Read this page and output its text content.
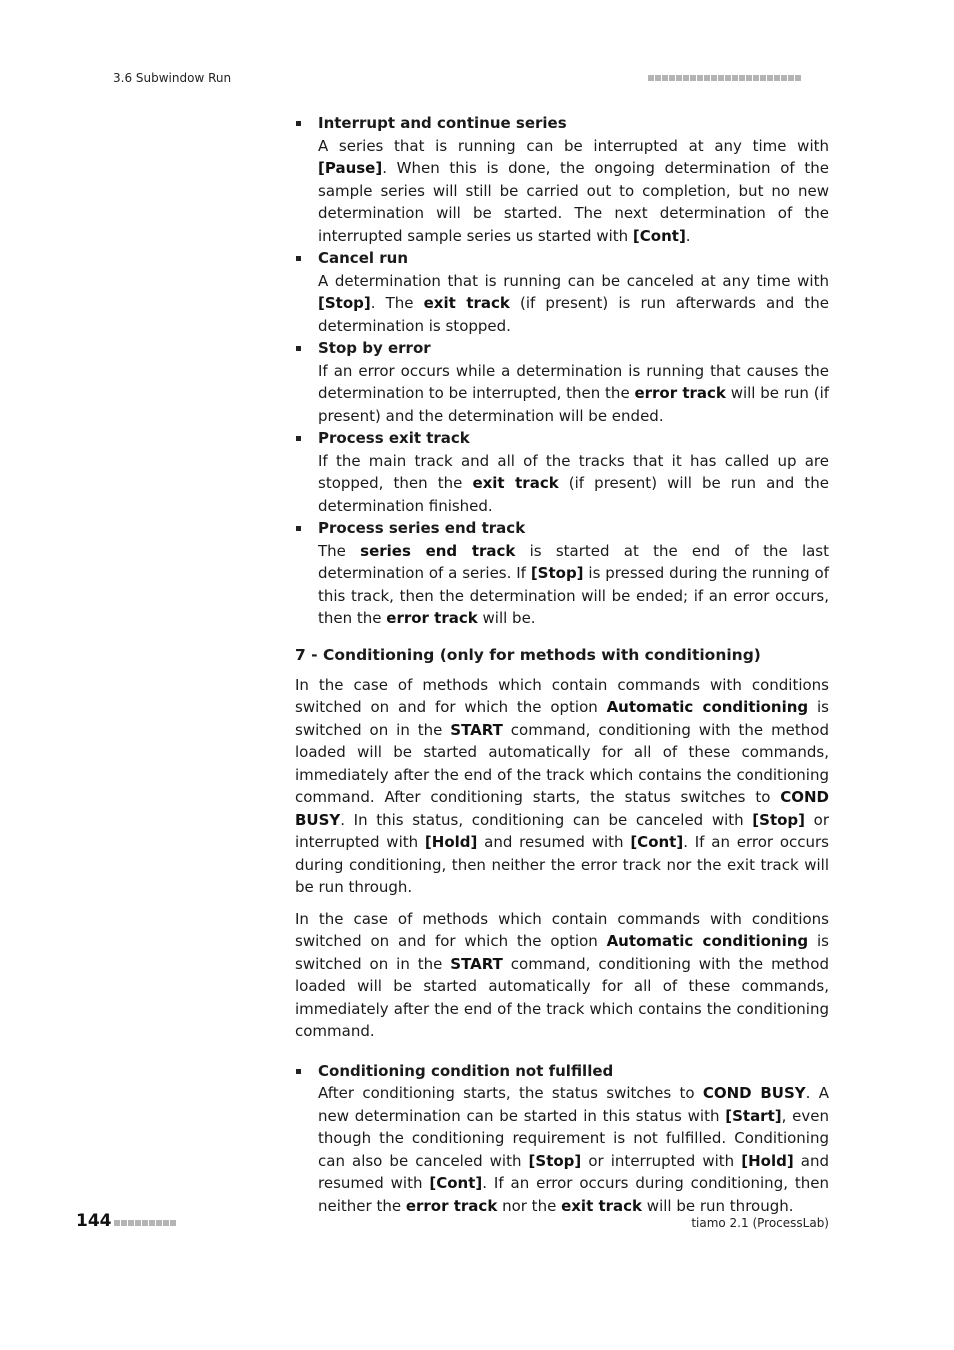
3.6 Subwindow Run
Interrupt and continue series
A series that is running can be interrupted at any time with [Pause]. When this is done, the ongoing determination of the sample series will still be carried out to completion, but no new determination will be started. The next determination of the interrupted sample series us started with [Cont].
Cancel run
A determination that is running can be canceled at any time with [Stop]. The exit track (if present) is run afterwards and the determination is stopped.
Stop by error
If an error occurs while a determination is running that causes the determination to be interrupted, then the error track will be run (if present) and the determination will be ended.
Process exit track
If the main track and all of the tracks that it has called up are stopped, then the exit track (if present) will be run and the determination finished.
Process series end track
The series end track is started at the end of the last determination of a series. If [Stop] is pressed during the running of this track, then the determination will be ended; if an error occurs, then the error track will be.
7 - Conditioning (only for methods with conditioning)

In the case of methods which contain commands with conditions switched on and for which the option Automatic conditioning is switched on in the START command, conditioning with the method loaded will be started automatically for all of these commands, immediately after the end of the track which contains the conditioning command. After conditioning starts, the status switches to COND BUSY. In this status, conditioning can be canceled with [Stop] or interrupted with [Hold] and resumed with [Cont]. If an error occurs during conditioning, then neither the error track nor the exit track will be run through.

In the case of methods which contain commands with conditions switched on and for which the option Automatic conditioning is switched on in the START command, conditioning with the method loaded will be started automatically for all of these commands, immediately after the end of the track which contains the conditioning command.

Conditioning condition not fulfilled
After conditioning starts, the status switches to COND BUSY. A new determination can be started in this status with [Start], even though the conditioning requirement is not fulfilled. Conditioning can also be canceled with [Stop] or interrupted with [Hold] and resumed with [Cont]. If an error occurs during conditioning, then neither the error track nor the exit track will be run through.
144	tiamo 2.1 (ProcessLab)
